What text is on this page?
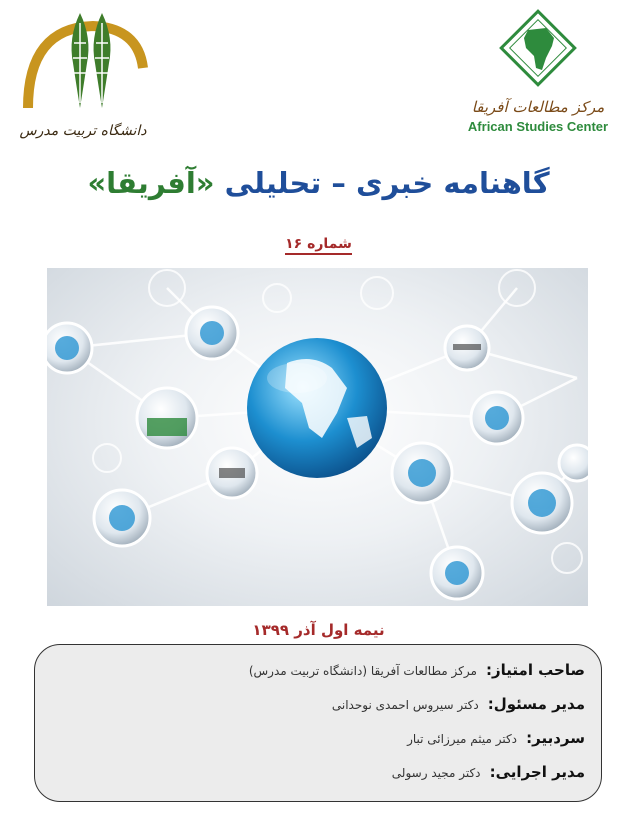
دانشگاه تربیت مدرس
مرکز مطالعات آفریقا
African Studies Center
گاهنامه خبری – تحلیلی «آفریقا»
شماره ۱۶
نیمه اول آذر ۱۳۹۹
صاحب امتیاز: مرکز مطالعات آفریقا (دانشگاه تربیت مدرس)
مدیر مسئول: دکتر سیروس احمدی نوحدانی
سردبیر: دکتر میثم میرزائی تبار
مدیر اجرایی: دکتر مجید رسولی
